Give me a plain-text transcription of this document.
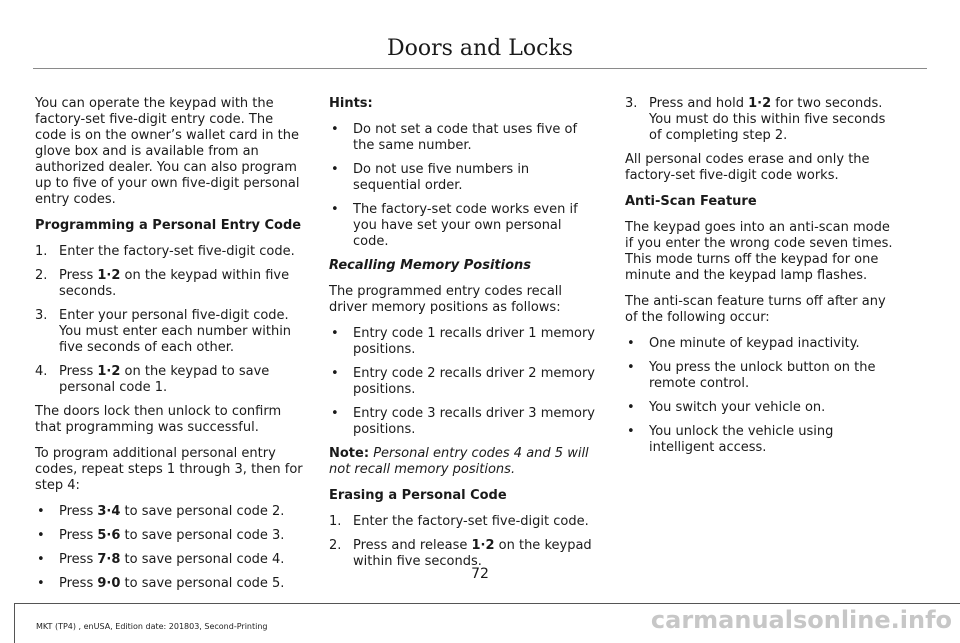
Doors and Locks

You can operate the keypad with the factory-set five-digit entry code. The code is on the owner’s wallet card in the glove box and is available from an authorized dealer. You can also program up to five of your own five-digit personal entry codes.

Programming a Personal Entry Code

1. Enter the factory-set five-digit code.
2. Press 1·2 on the keypad within five seconds.
3. Enter your personal five-digit code. You must enter each number within five seconds of each other.
4. Press 1·2 on the keypad to save personal code 1.

The doors lock then unlock to confirm that programming was successful.

To program additional personal entry codes, repeat steps 1 through 3, then for step 4:

• Press 3·4 to save personal code 2.
• Press 5·6 to save personal code 3.
• Press 7·8 to save personal code 4.
• Press 9·0 to save personal code 5.

Hints:

• Do not set a code that uses five of the same number.
• Do not use five numbers in sequential order.
• The factory-set code works even if you have set your own personal code.

Recalling Memory Positions

The programmed entry codes recall driver memory positions as follows:

• Entry code 1 recalls driver 1 memory positions.
• Entry code 2 recalls driver 2 memory positions.
• Entry code 3 recalls driver 3 memory positions.

Note: Personal entry codes 4 and 5 will not recall memory positions.

Erasing a Personal Code

1. Enter the factory-set five-digit code.
2. Press and release 1·2 on the keypad within five seconds.
3. Press and hold 1·2 for two seconds. You must do this within five seconds of completing step 2.

All personal codes erase and only the factory-set five-digit code works.

Anti-Scan Feature

The keypad goes into an anti-scan mode if you enter the wrong code seven times. This mode turns off the keypad for one minute and the keypad lamp flashes.

The anti-scan feature turns off after any of the following occur:

• One minute of keypad inactivity.
• You press the unlock button on the remote control.
• You switch your vehicle on.
• You unlock the vehicle using intelligent access.
72
MKT (TP4) , enUSA, Edition date: 201803, Second-Printing	carmanualsonline.info
